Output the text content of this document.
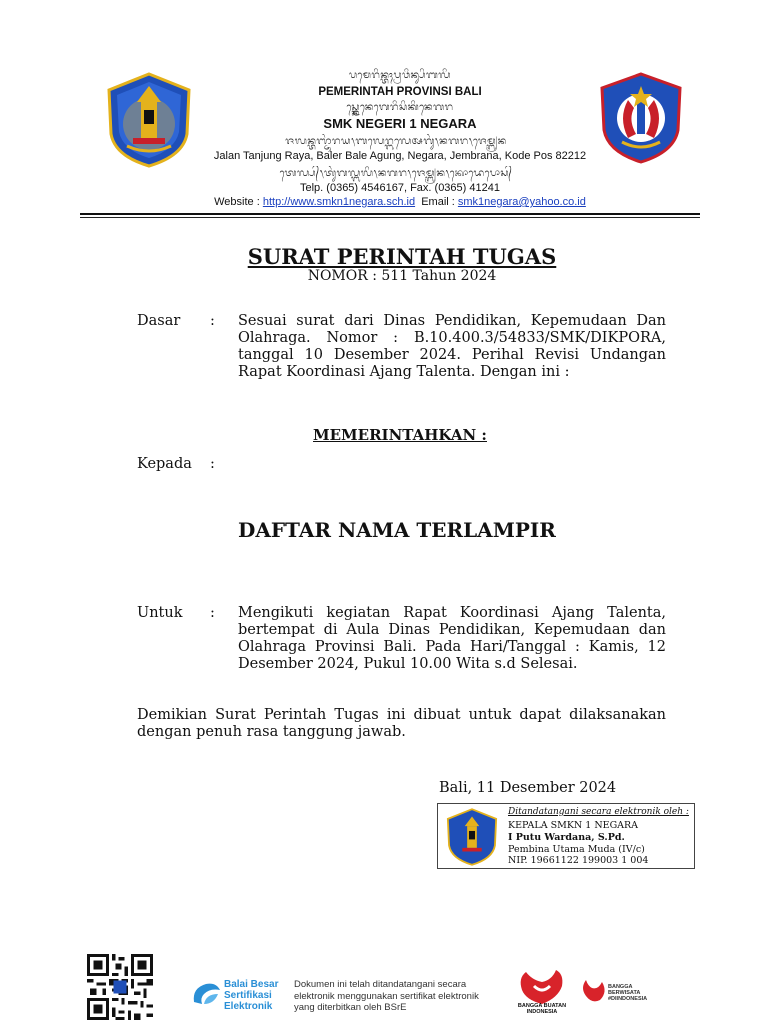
ᬧᬫᬾᬭᬶᬦ᭄ᬢᬄᬧ᭄ᬭᬯᬶᬦ᭄ᬲᬶᬩᬮᬶ
PEMERINTAH PROVINSI BALI
ᬲ᭄ᬫ᭄ᬓᬾᬦᬾᬕᬾᬭᬶᬲᬶᬓᬶᬦᬾᬕᬭ
SMK NEGERI 1 NEGARA
ᬚᬮᬦ᭄ᬢᬜ᭄ᬚᬸᬂᬭᬬ᭞ᬩᬮᬾᬭ᭄ᬩᬮᬾᬅᬕᬸᬂ᭞ᬦᬕᬭ᭞ᬚᬾᬫ᭄ᬩ᭄ᬭᬦ
Jalan Tanjung Raya, Baler Bale Agung, Negara, Jembrana, Kode Pos 82212
ᬢᬾᬮ᭄ᬧ᭄᭞ᬢᬸᬂᬕᬮ᭄ᬩᬮᬶ᭞ᬦᬕᬭ᭞ᬚᬾᬫ᭄ᬩ᭄ᬭᬦ᭞ᬓᭀᬤᬾᬧᭀᬲ᭄
Telp. (0365) 4546167, Fax. (0365) 41241
Website : http://www.smkn1negara.sch.id  Email : smk1negara@yahoo.co.id
SURAT PERINTAH TUGAS
NOMOR : 511 Tahun 2024
Dasar : Sesuai surat dari Dinas Pendidikan, Kepemudaan Dan Olahraga. Nomor : B.10.400.3/54833/SMK/DIKPORA, tanggal 10 Desember 2024. Perihal Revisi Undangan Rapat Koordinasi Ajang Talenta. Dengan ini :
MEMERINTAHKAN :
Kepada :
DAFTAR NAMA TERLAMPIR
Untuk : Mengikuti kegiatan Rapat Koordinasi Ajang Talenta, bertempat di Aula Dinas Pendidikan, Kepemudaan dan Olahraga Provinsi Bali. Pada Hari/Tanggal : Kamis, 12 Desember 2024, Pukul 10.00 Wita s.d Selesai.
Demikian Surat Perintah Tugas ini dibuat untuk dapat dilaksanakan dengan penuh rasa tanggung jawab.
Bali, 11 Desember 2024
Ditandatangani secara elektronik oleh :
KEPALA SMKN 1 NEGARA
I Putu Wardana, S.Pd.
Pembina Utama Muda (IV/c)
NIP. 19661122 199003 1 004
Balai Besar
Sertifikasi
Elektronik
Dokumen ini telah ditandatangani secara
elektronik menggunakan sertifikat elektronik
yang diterbitkan oleh BSrE	BANGGA BUATAN INDONESIA
BANGGA BERWISATA #DIINDONESIA
